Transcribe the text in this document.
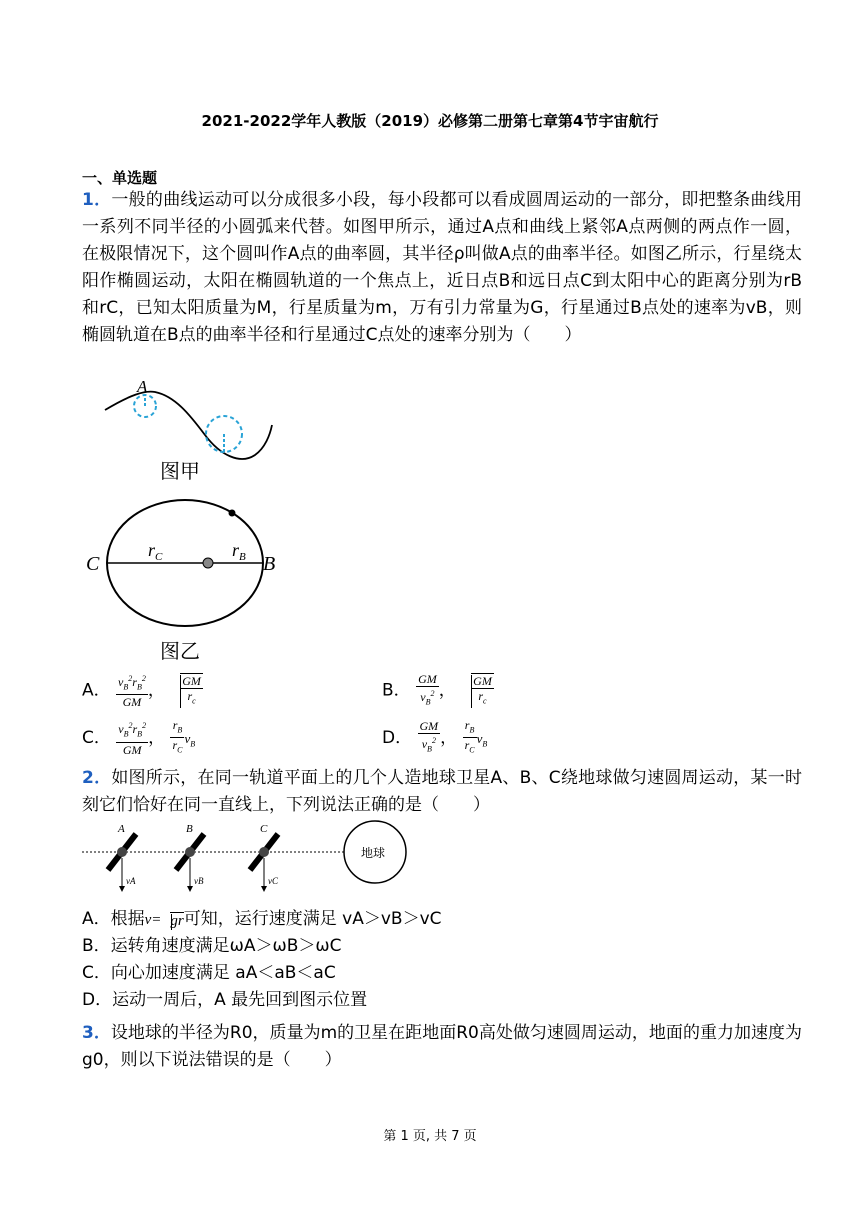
2021-2022学年人教版（2019）必修第二册第七章第4节宇宙航行
一、单选题
1．一般的曲线运动可以分成很多小段，每小段都可以看成圆周运动的一部分，即把整条曲线用一系列不同半径的小圆弧来代替。如图甲所示，通过A点和曲线上紧邻A点两侧的两点作一圆，在极限情况下，这个圆叫作A点的曲率圆，其半径ρ叫做A点的曲率半径。如图乙所示，行星绕太阳作椭圆运动，太阳在椭圆轨道的一个焦点上，近日点B和远日点C到太阳中心的距离分别为rB和rC，已知太阳质量为M，行星质量为m，万有引力常量为G，行星通过B点处的速率为vB，则椭圆轨道在B点的曲率半径和行星通过C点处的速率分别为（　　）
A
图甲
C	B
$r_C$	$r_B$
图乙
A． $\frac{v_B^2r_B^2}{GM}$ ， $\frac{GM}{r_c}$	B． $\frac{GM}{v_B^2}$ ， $\frac{GM}{r_c}$
C． $\frac{v_B^2r_B^2}{GM}$ ， $\frac{r_B}{r_C} v_B$	D． $\frac{GM}{v_B^2}$ ， $\frac{r_B}{r_C} v_B$
2．如图所示，在同一轨道平面上的几个人造地球卫星A、B、C绕地球做匀速圆周运动，某一时刻它们恰好在同一直线上，下列说法正确的是（　　）
A
vA
B
vB
C
vC
地球
A．根据v= gr可知，运行速度满足 vA＞vB＞vC
B．运转角速度满足ωA＞ωB＞ωC
C．向心加速度满足 aA＜aB＜aC
D．运动一周后，A 最先回到图示位置
3．设地球的半径为R0，质量为m的卫星在距地面R0高处做匀速圆周运动，地面的重力加速度为g0，则以下说法错误的是（　　）
第 1 页, 共 7 页
